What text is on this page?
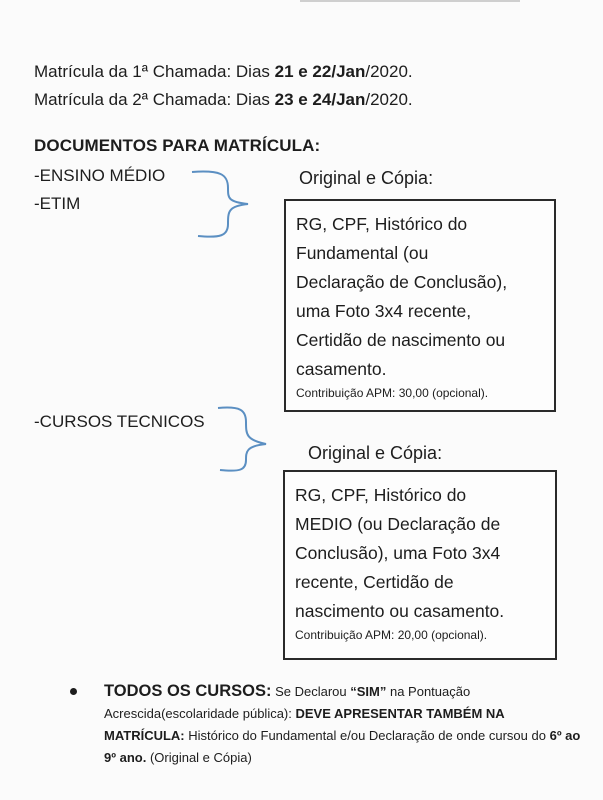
Matrícula da 1ª Chamada: Dias 21 e 22/Jan/2020.
Matrícula da 2ª Chamada: Dias 23 e 24/Jan/2020.
DOCUMENTOS PARA MATRÍCULA:
-ENSINO MÉDIO
-ETIM
Original e Cópia:
RG, CPF, Histórico do
Fundamental (ou
Declaração de Conclusão),
uma Foto 3x4 recente,
Certidão de nascimento ou
casamento.
Contribuição APM: 30,00 (opcional).
-CURSOS TECNICOS
Original e Cópia:
RG, CPF, Histórico do
MEDIO (ou Declaração de
Conclusão), uma Foto 3x4
recente, Certidão de
nascimento ou casamento.
Contribuição APM: 20,00 (opcional).
TODOS OS CURSOS: Se Declarou “SIM” na Pontuação Acrescida(escolaridade pública): DEVE APRESENTAR TAMBÉM NA MATRÍCULA: Histórico do Fundamental e/ou Declaração de onde cursou do 6º ao 9º ano. (Original e Cópia)
